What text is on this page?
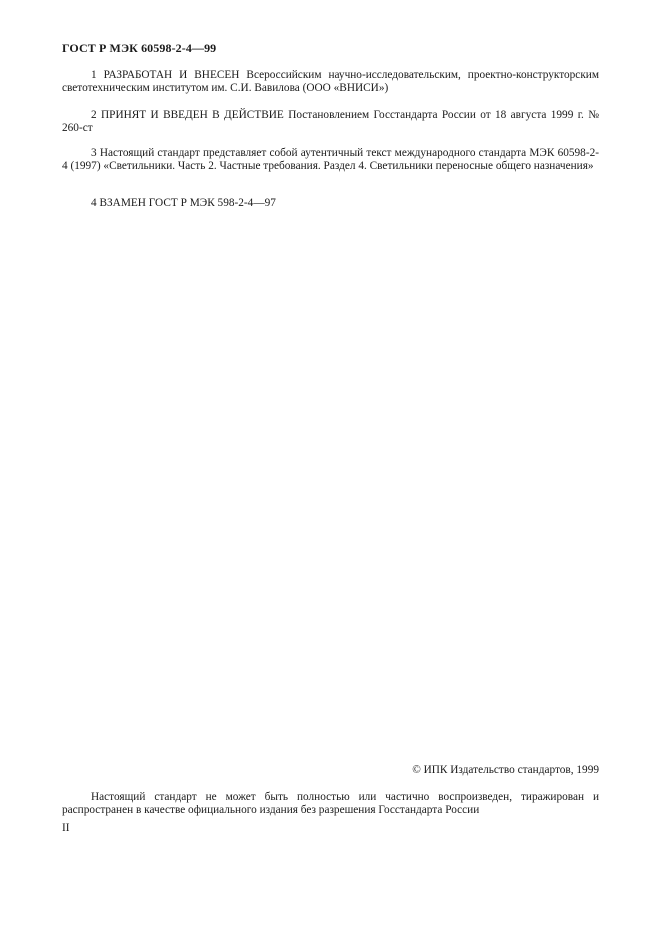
ГОСТ Р МЭК 60598-2-4—99

1 РАЗРАБОТАН И ВНЕСЕН Всероссийским научно-исследовательским, проектно-конструкторским светотехническим институтом им. С.И. Вавилова (ООО «ВНИСИ»)

2 ПРИНЯТ И ВВЕДЕН В ДЕЙСТВИЕ Постановлением Госстандарта России от 18 августа 1999 г. № 260-ст

3 Настоящий стандарт представляет собой аутентичный текст международного стандарта МЭК 60598-2-4 (1997) «Светильники. Часть 2. Частные требования. Раздел 4. Светильники переносные общего назначения»

4 ВЗАМЕН ГОСТ Р МЭК 598-2-4—97

© ИПК Издательство стандартов, 1999

Настоящий стандарт не может быть полностью или частично воспроизведен, тиражирован и распространен в качестве официального издания без разрешения Госстандарта России

II
